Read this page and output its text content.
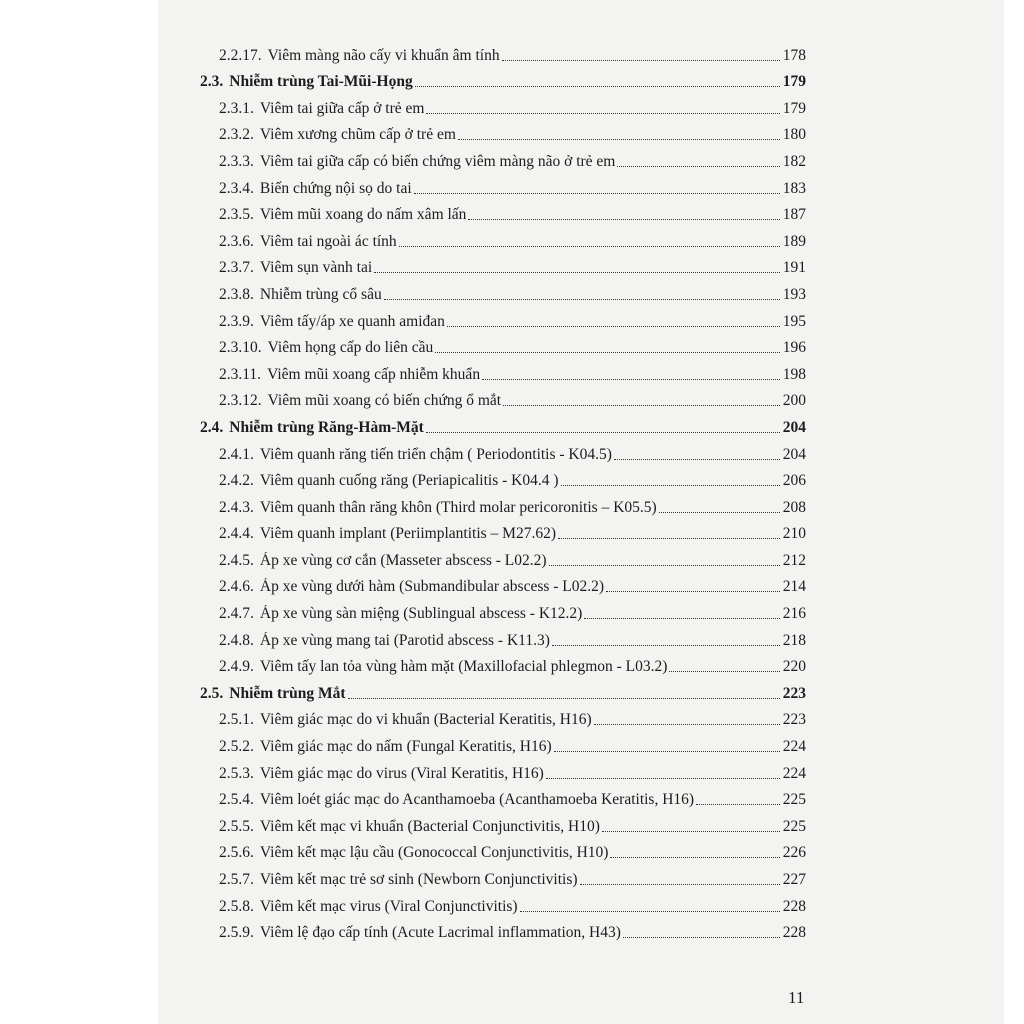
2.2.17. Viêm màng não cấy vi khuẩn âm tính	178
2.3. Nhiễm trùng Tai-Mũi-Họng	179
2.3.1. Viêm tai giữa cấp ở trẻ em	179
2.3.2. Viêm xương chũm cấp ở trẻ em	180
2.3.3. Viêm tai giữa cấp có biến chứng viêm màng não ở trẻ em	182
2.3.4. Biến chứng nội sọ do tai	183
2.3.5. Viêm mũi xoang do nấm xâm lấn	187
2.3.6. Viêm tai ngoài ác tính	189
2.3.7. Viêm sụn vành tai	191
2.3.8. Nhiễm trùng cổ sâu	193
2.3.9. Viêm tấy/áp xe quanh amiđan	195
2.3.10. Viêm họng cấp do liên cầu	196
2.3.11. Viêm mũi xoang cấp nhiễm khuẩn	198
2.3.12. Viêm mũi xoang có biến chứng ổ mắt	200
2.4. Nhiễm trùng Răng-Hàm-Mặt	204
2.4.1. Viêm quanh răng tiến triển chậm ( Periodontitis - K04.5)	204
2.4.2. Viêm quanh cuống răng (Periapicalitis - K04.4 )	206
2.4.3. Viêm quanh thân răng khôn (Third molar pericoronitis – K05.5)	208
2.4.4. Viêm quanh implant (Periimplantitis – M27.62)	210
2.4.5. Áp xe vùng cơ cắn (Masseter abscess - L02.2)	212
2.4.6. Áp xe vùng dưới hàm (Submandibular abscess - L02.2)	214
2.4.7. Áp xe vùng sàn miệng (Sublingual abscess - K12.2)	216
2.4.8. Áp xe vùng mang tai (Parotid abscess - K11.3)	218
2.4.9. Viêm tấy lan tỏa vùng hàm mặt (Maxillofacial phlegmon - L03.2)	220
2.5. Nhiễm trùng Mắt	223
2.5.1. Viêm giác mạc do vi khuẩn (Bacterial Keratitis, H16)	223
2.5.2. Viêm giác mạc do nấm (Fungal Keratitis, H16)	224
2.5.3. Viêm giác mạc do virus (Viral Keratitis, H16)	224
2.5.4. Viêm loét giác mạc do Acanthamoeba (Acanthamoeba Keratitis, H16)	225
2.5.5. Viêm kết mạc vi khuẩn (Bacterial Conjunctivitis, H10)	225
2.5.6. Viêm kết mạc lậu cầu (Gonococcal Conjunctivitis, H10)	226
2.5.7. Viêm kết mạc trẻ sơ sinh (Newborn Conjunctivitis)	227
2.5.8. Viêm kết mạc virus (Viral Conjunctivitis)	228
2.5.9. Viêm lệ đạo cấp tính (Acute Lacrimal inflammation, H43)	228
11
